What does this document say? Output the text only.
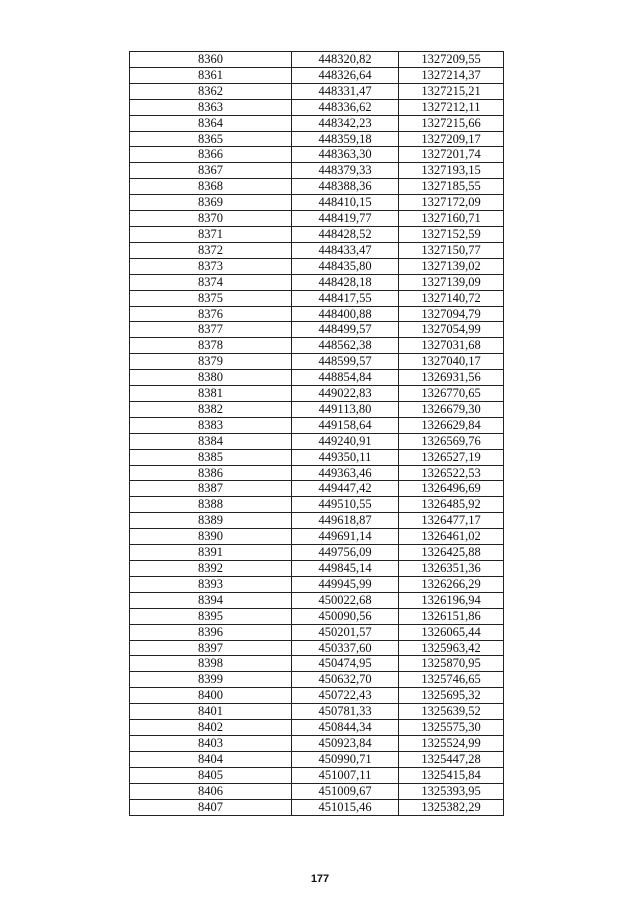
8360	448320,82	1327209,55
8361	448326,64	1327214,37
8362	448331,47	1327215,21
8363	448336,62	1327212,11
8364	448342,23	1327215,66
8365	448359,18	1327209,17
8366	448363,30	1327201,74
8367	448379,33	1327193,15
8368	448388,36	1327185,55
8369	448410,15	1327172,09
8370	448419,77	1327160,71
8371	448428,52	1327152,59
8372	448433,47	1327150,77
8373	448435,80	1327139,02
8374	448428,18	1327139,09
8375	448417,55	1327140,72
8376	448400,88	1327094,79
8377	448499,57	1327054,99
8378	448562,38	1327031,68
8379	448599,57	1327040,17
8380	448854,84	1326931,56
8381	449022,83	1326770,65
8382	449113,80	1326679,30
8383	449158,64	1326629,84
8384	449240,91	1326569,76
8385	449350,11	1326527,19
8386	449363,46	1326522,53
8387	449447,42	1326496,69
8388	449510,55	1326485,92
8389	449618,87	1326477,17
8390	449691,14	1326461,02
8391	449756,09	1326425,88
8392	449845,14	1326351,36
8393	449945,99	1326266,29
8394	450022,68	1326196,94
8395	450090,56	1326151,86
8396	450201,57	1326065,44
8397	450337,60	1325963,42
8398	450474,95	1325870,95
8399	450632,70	1325746,65
8400	450722,43	1325695,32
8401	450781,33	1325639,52
8402	450844,34	1325575,30
8403	450923,84	1325524,99
8404	450990,71	1325447,28
8405	451007,11	1325415,84
8406	451009,67	1325393,95
8407	451015,46	1325382,29
177
